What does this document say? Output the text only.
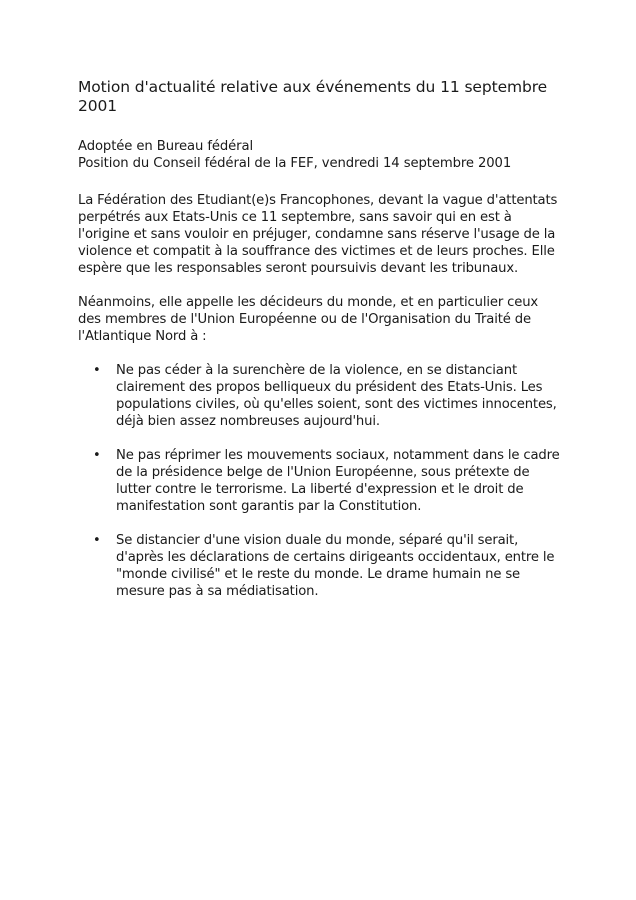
Motion d'actualité relative aux événements du 11 septembre 2001
Adoptée en Bureau fédéral
Position du Conseil fédéral de la FEF, vendredi 14 septembre 2001

La Fédération des Etudiant(e)s Francophones, devant la vague d'attentats perpétrés aux Etats-Unis ce 11 septembre, sans savoir qui en est à l'origine et sans vouloir en préjuger, condamne sans réserve l'usage de la violence et compatit à la souffrance des victimes et de leurs proches. Elle espère que les responsables seront poursuivis devant les tribunaux.

Néanmoins, elle appelle les décideurs du monde, et en particulier ceux des membres de l'Union Européenne ou de l'Organisation du Traité de l'Atlantique Nord à :

• Ne pas céder à la surenchère de la violence, en se distanciant clairement des propos belliqueux du président des Etats-Unis. Les populations civiles, où qu'elles soient, sont des victimes innocentes, déjà bien assez nombreuses aujourd'hui.
• Ne pas réprimer les mouvements sociaux, notamment dans le cadre de la présidence belge de l'Union Européenne, sous prétexte de lutter contre le terrorisme. La liberté d'expression et le droit de manifestation sont garantis par la Constitution.
• Se distancier d'une vision duale du monde, séparé qu'il serait, d'après les déclarations de certains dirigeants occidentaux, entre le "monde civilisé" et le reste du monde. Le drame humain ne se mesure pas à sa médiatisation.
